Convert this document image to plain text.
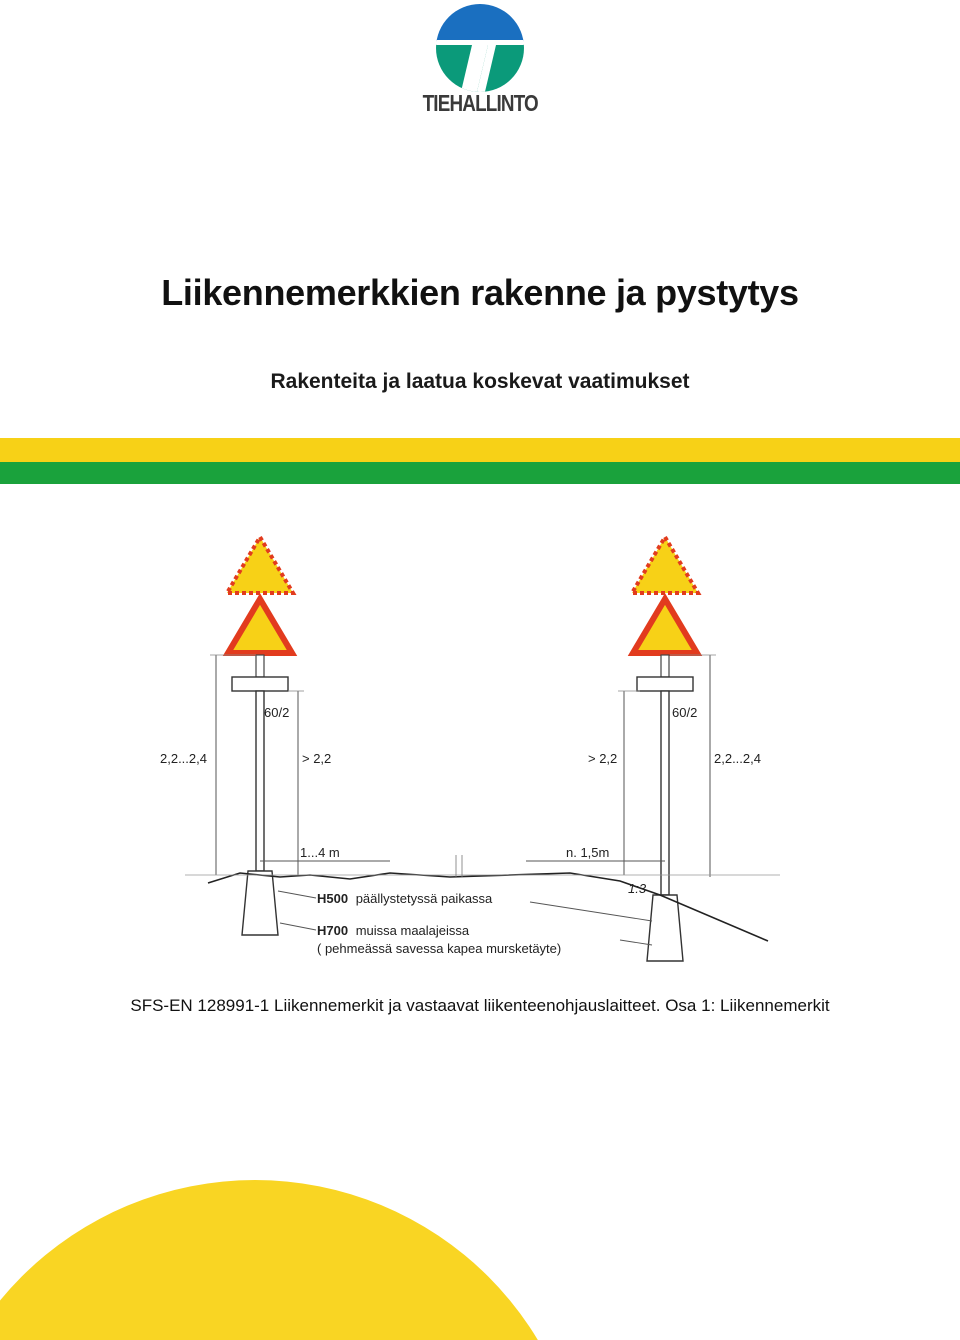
TIEHALLINTO
Liikennemerkkien rakenne ja pystytys
Rakenteita ja laatua koskevat vaatimukset
2,2...2,4	> 2,2
60/2
> 2,2	2,2...2,4
60/2
1...4 m	n. 1,5m
1:3
H500 päällystetyssä paikassa
H700 muissa maalajeissa
( pehmeässä savessa kapea mursketäyte)
SFS-EN 128991-1 Liikennemerkit ja vastaavat liikenteenohjauslaitteet. Osa 1: Liikennemerkit
